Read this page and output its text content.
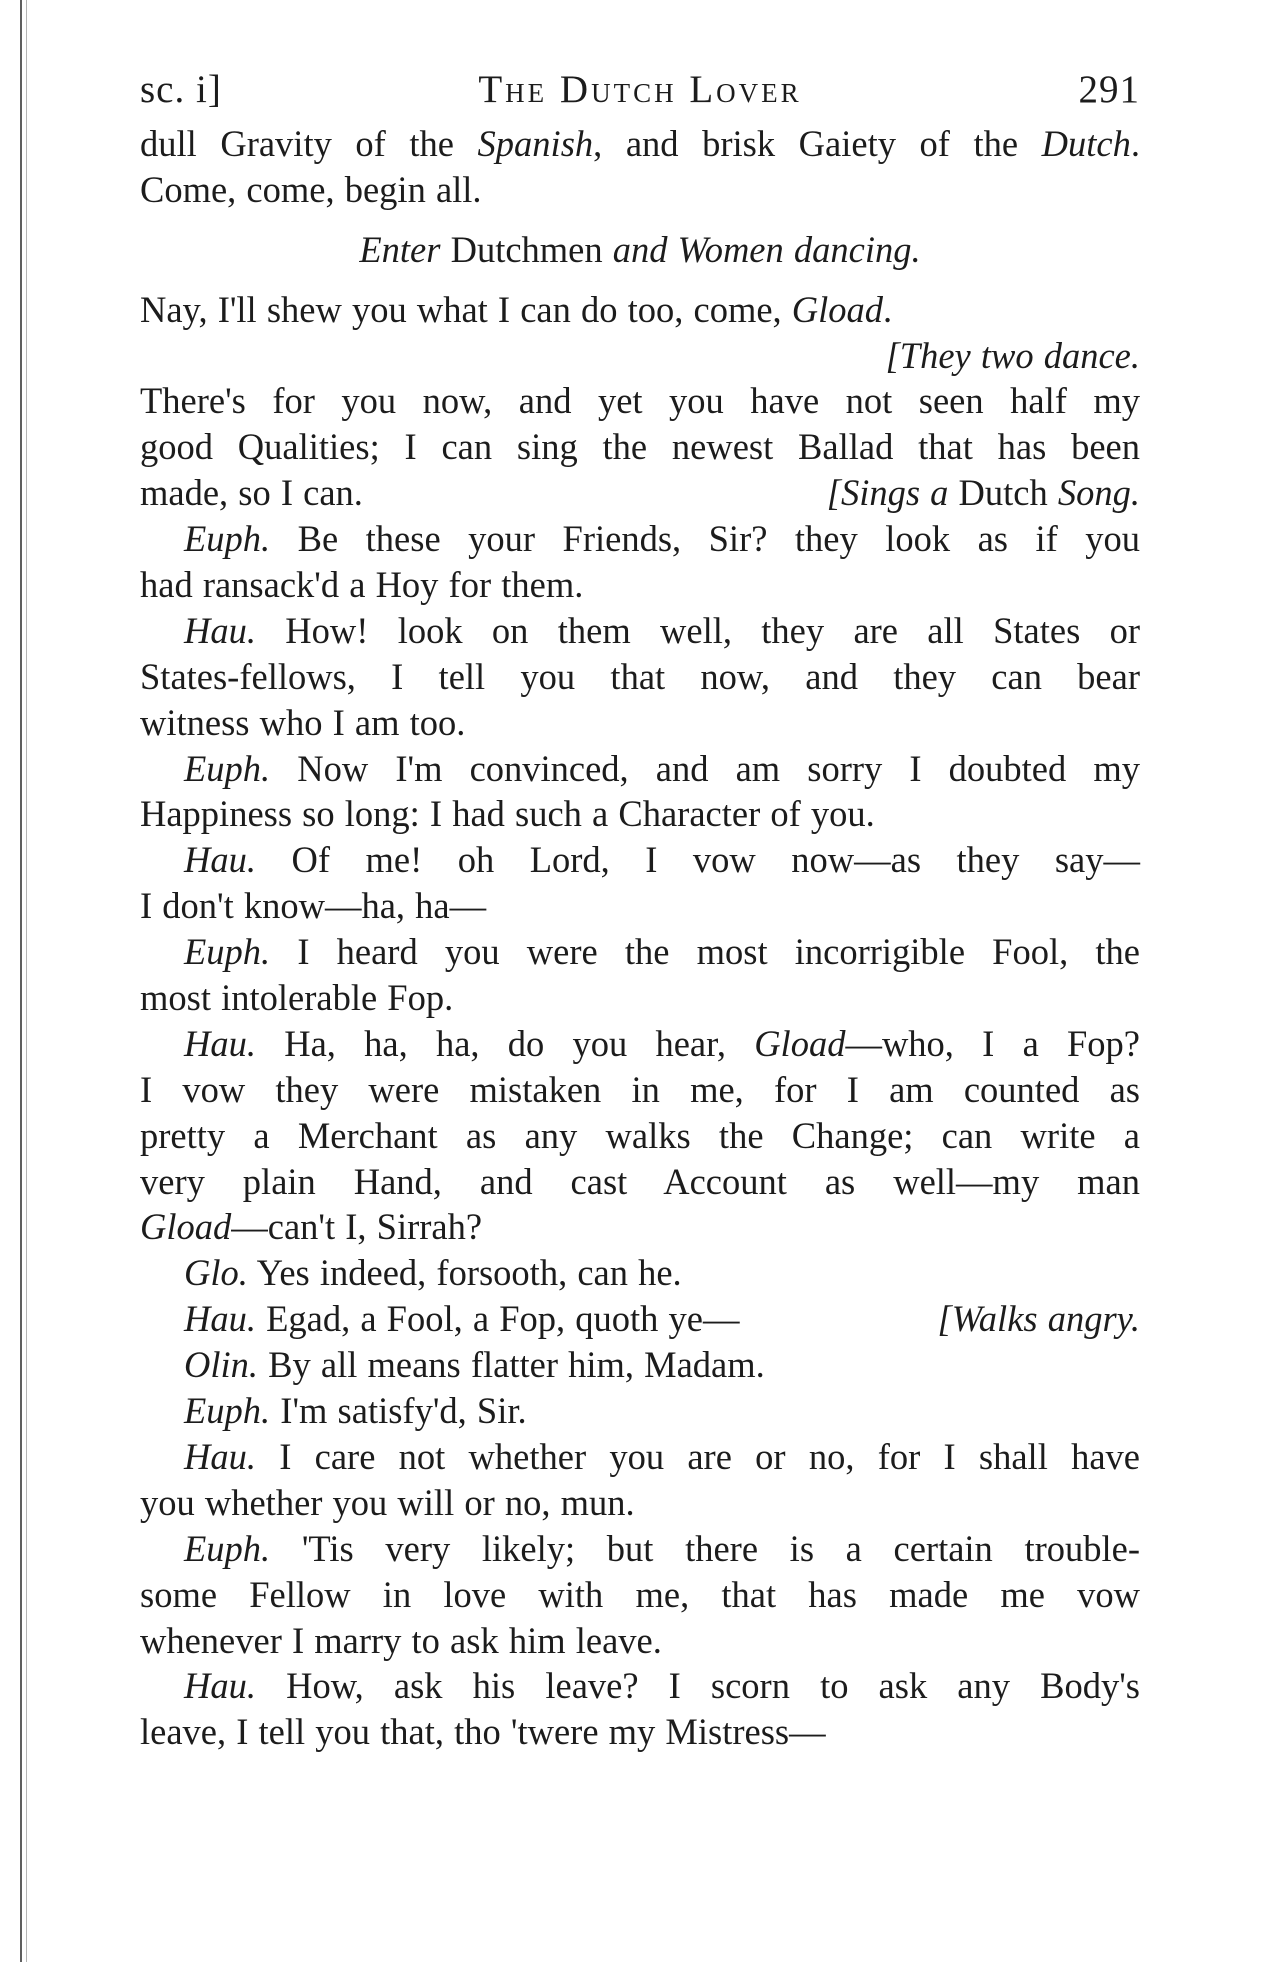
sc. i]	The Dutch Lover	291
dull Gravity of the Spanish, and brisk Gaiety of the Dutch.
Come, come, begin all.
Enter Dutchmen and Women dancing.
Nay, I'll shew you what I can do too, come, Gload.
[They two dance.
There's for you now, and yet you have not seen half my
good Qualities; I can sing the newest Ballad that has been
made, so I can.	[Sings a Dutch Song.
Euph. Be these your Friends, Sir? they look as if you
had ransack'd a Hoy for them.
Hau. How! look on them well, they are all States or
States-fellows, I tell you that now, and they can bear
witness who I am too.
Euph. Now I'm convinced, and am sorry I doubted my
Happiness so long: I had such a Character of you.
Hau. Of me! oh Lord, I vow now—as they say—
I don't know—ha, ha—
Euph. I heard you were the most incorrigible Fool, the
most intolerable Fop.
Hau. Ha, ha, ha, do you hear, Gload—who, I a Fop?
I vow they were mistaken in me, for I am counted as
pretty a Merchant as any walks the Change; can write a
very plain Hand, and cast Account as well—my man
Gload—can't I, Sirrah?
Glo. Yes indeed, forsooth, can he.
Hau. Egad, a Fool, a Fop, quoth ye—	[Walks angry.
Olin. By all means flatter him, Madam.
Euph. I'm satisfy'd, Sir.
Hau. I care not whether you are or no, for I shall have
you whether you will or no, mun.
Euph. 'Tis very likely; but there is a certain trouble-
some Fellow in love with me, that has made me vow
whenever I marry to ask him leave.
Hau. How, ask his leave? I scorn to ask any Body's
leave, I tell you that, tho 'twere my Mistress—
